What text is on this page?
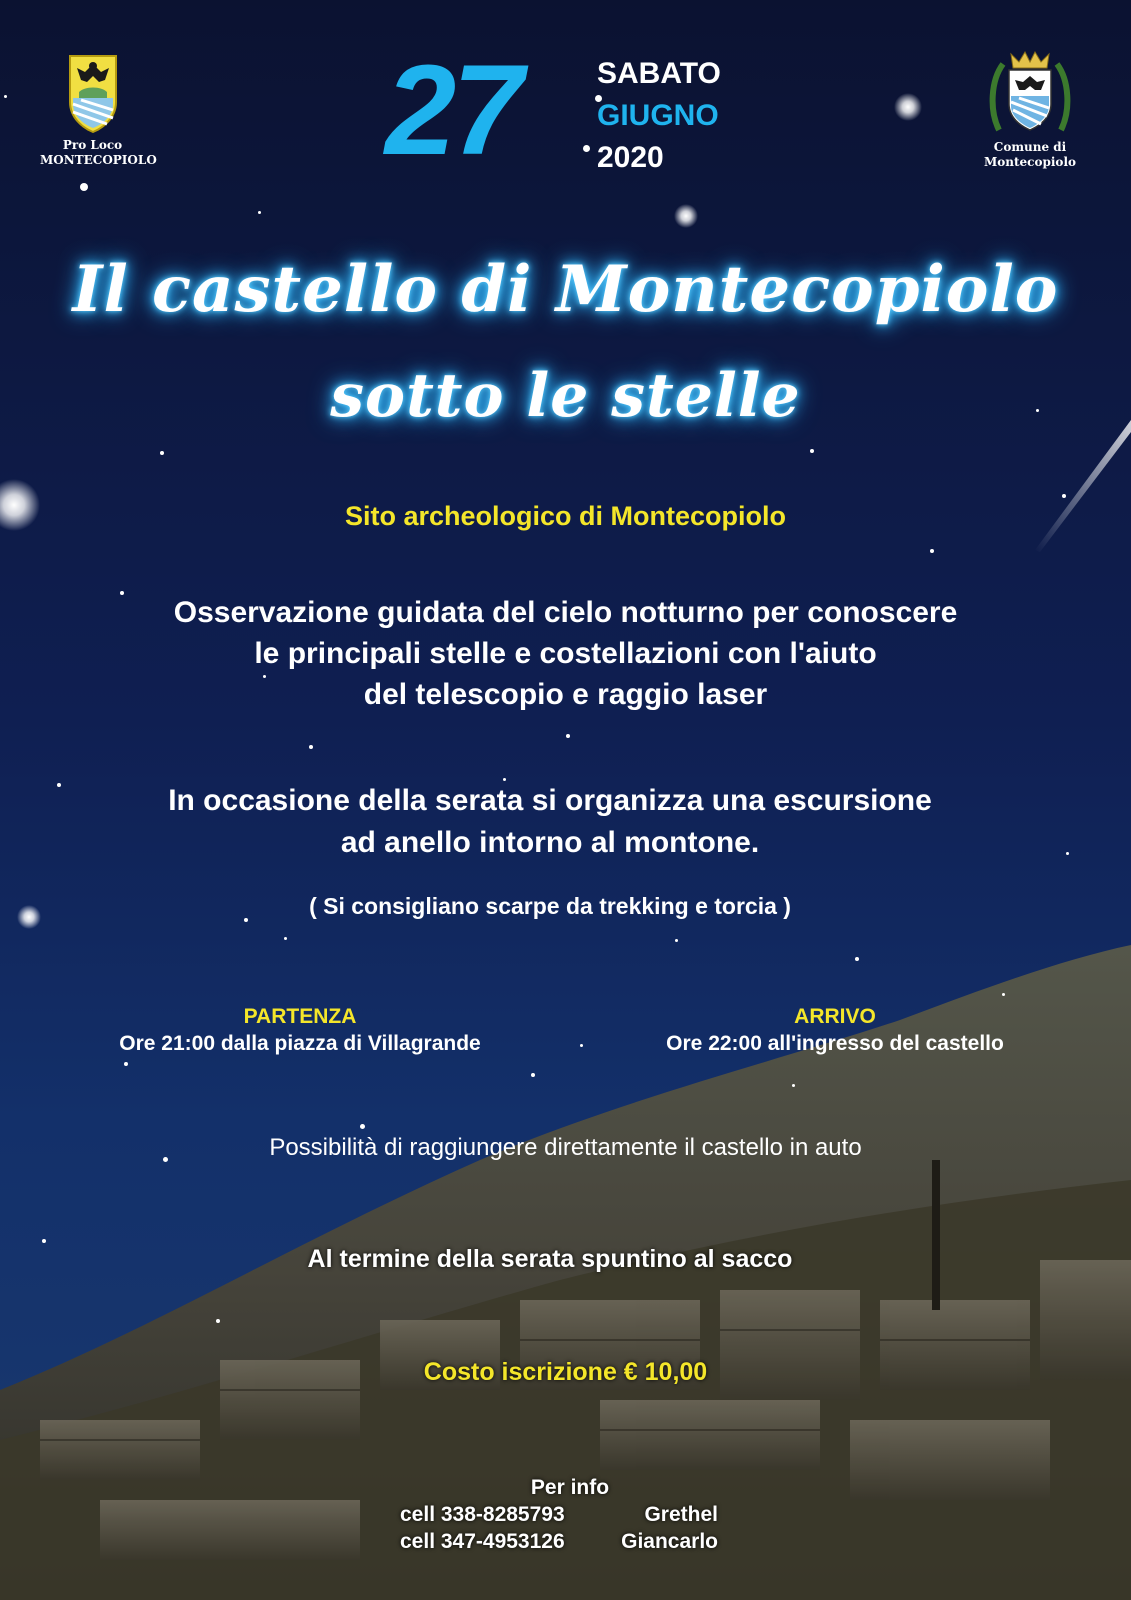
Pro Loco
MONTECOPIOLO
Comune di
Montecopiolo
27	SABATO
GIUGNO
2020
Il castello di Montecopiolo
sotto le stelle
Sito archeologico di Montecopiolo
Osservazione guidata del cielo notturno per conoscere
le principali stelle e costellazioni con l'aiuto
del telescopio e raggio laser
In occasione della serata si organizza una escursione
ad anello intorno al montone.
( Si consigliano scarpe da trekking e torcia )
PARTENZA
Ore 21:00 dalla piazza di Villagrande
ARRIVO
Ore 22:00 all'ingresso del castello
Possibilità di raggiungere direttamente il castello in auto
Al termine della serata spuntino al sacco
Costo iscrizione € 10,00
Per info
cell 338-8285793	Grethel
cell 347-4953126	Giancarlo
